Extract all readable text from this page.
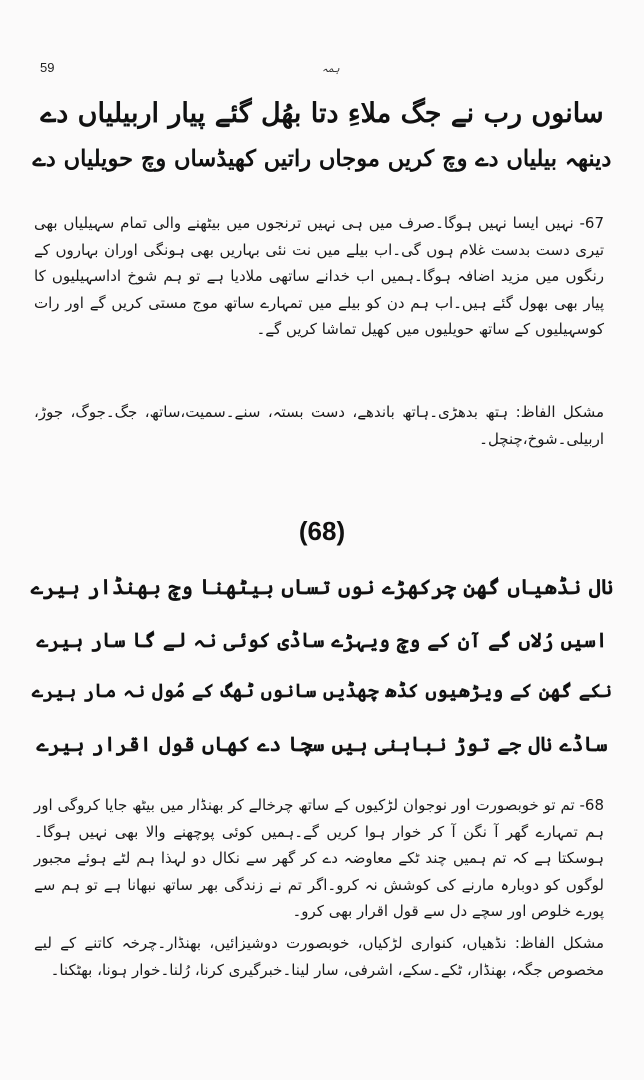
59	ہمہ
سانوں رب نے جگ ملاءِ دتا بھُل گئے پیار اربیلیاں دے
دینھہ بیلیاں دے وچ کریں موجاں راتیں کھیڈساں وچ حویلیاں دے
67- نہیں ایسا نہیں ہوگا۔صرف میں ہی نہیں ترنجوں میں بیٹھنے والی تمام سہیلیاں بھی تیری دست بدست غلام ہوں گی۔اب بیلے میں نت نئی بہاریں بھی ہونگی اوران بہاروں کے رنگوں میں مزید اضافہ ہوگا۔ہمیں اب خدانے ساتھی ملادیا ہے تو ہم شوخ اداسہیلیوں کا پیار بھی بھول گئے ہیں۔اب ہم دن کو بیلے میں تمہارے ساتھ موج مستی کریں گے اور رات کوسہیلیوں کے ساتھ حویلیوں میں کھیل تماشا کریں گے۔
مشکل الفاظ: ہتھ بدھڑی۔ہاتھ باندھے، دست بستہ، سنے۔سمیت،ساتھ، جگ۔جوگ، جوڑ، اربیلی۔شوخ،چنچل۔
(68)
نال نڈھیاں گھِن چرکھڑے نوں تساں بیٹھنا وچ بھنڈار ہیرے
اسیں رُلاں گے آن کے وچ ویہڑے ساڈی کوئی نہ لے گا سار ہیرے
نکے گھِن کے ویڑھیوں کڈھ چھڈیں سانوں ٹھگ کے مُول نہ مار ہیرے
ساڈے نال جے توڑ نباہنی ہیں سچا دے کھاں قول اقرار ہیرے
68- تم تو خوبصورت اور نوجوان لڑکیوں کے ساتھ چرخالے کر بھنڈار میں بیٹھ جایا کروگی اور ہم تمہارے گھر آ نگن آ کر خوار ہوا کریں گے۔ہمیں کوئی پوچھنے والا بھی نہیں ہوگا۔ہوسکتا ہے کہ تم ہمیں چند ٹکے معاوضہ دے کر گھر سے نکال دو لہذا ہم لٹے ہوئے مجبور لوگوں کو دوبارہ مارنے کی کوشش نہ کرو۔اگر تم نے زندگی بھر ساتھ نبھانا ہے تو ہم سے پورے خلوص اور سچے دل سے قول اقرار بھی کرو۔
مشکل الفاظ: نڈھیاں، کنواری لڑکیاں، خوبصورت دوشیزائیں، بھنڈار۔چرخہ کاتنے کے لیے مخصوص جگہ، بھنڈار، ٹکے۔سکے، اشرفی، سار لینا۔خبرگیری کرنا، رُلنا۔خوار ہونا، بھٹکنا۔
